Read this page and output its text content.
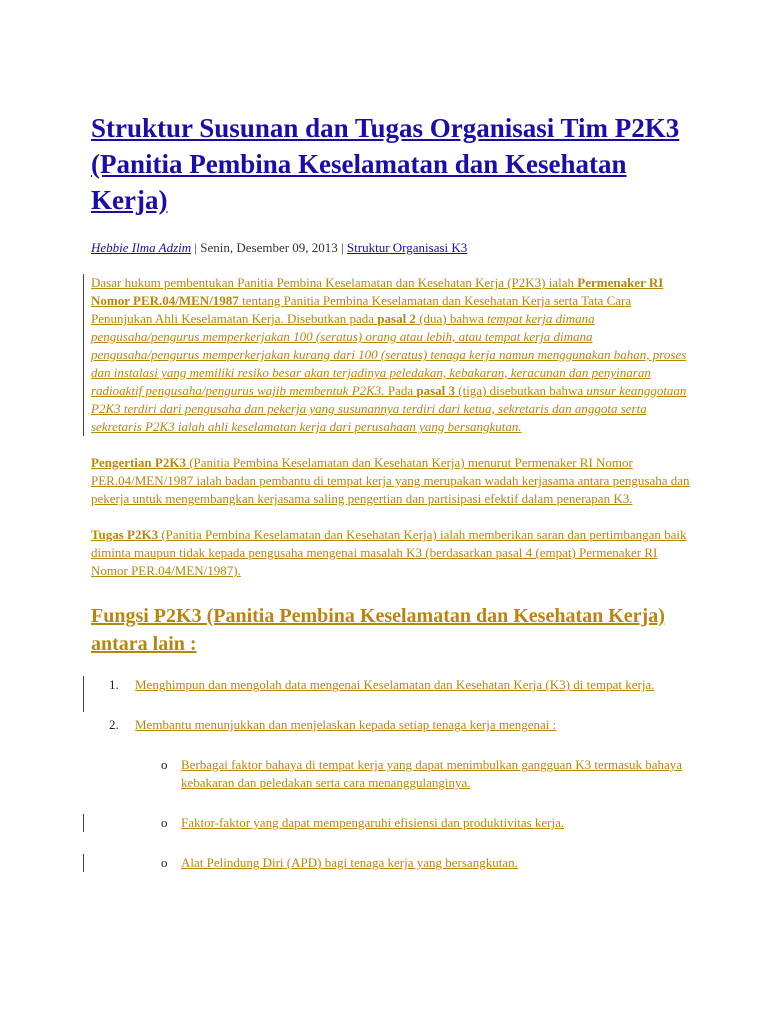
Struktur Susunan dan Tugas Organisasi Tim P2K3 (Panitia Pembina Keselamatan dan Kesehatan Kerja)
Hebbie Ilma Adzim | Senin, Desember 09, 2013 | Struktur Organisasi K3
Dasar hukum pembentukan Panitia Pembina Keselamatan dan Kesehatan Kerja (P2K3) ialah Permenaker RI Nomor PER.04/MEN/1987 tentang Panitia Pembina Keselamatan dan Kesehatan Kerja serta Tata Cara Penunjukan Ahli Keselamatan Kerja. Disebutkan pada pasal 2 (dua) bahwa tempat kerja dimana pengusaha/pengurus memperkerjakan 100 (seratus) orang atau lebih, atau tempat kerja dimana pengusaha/pengurus memperkerjakan kurang dari 100 (seratus) tenaga kerja namun menggunakan bahan, proses dan instalasi yang memiliki resiko besar akan terjadinya peledakan, kebakaran, keracunan dan penyinaran radioaktif pengusaha/pengurus wajib membentuk P2K3. Pada pasal 3 (tiga) disebutkan bahwa unsur keanggotaan P2K3 terdiri dari pengusaha dan pekerja yang susunannya terdiri dari ketua, sekretaris dan anggota serta sekretaris P2K3 ialah ahli keselamatan kerja dari perusahaan yang bersangkutan.
Pengertian P2K3 (Panitia Pembina Keselamatan dan Kesehatan Kerja) menurut Permenaker RI Nomor PER.04/MEN/1987 ialah badan pembantu di tempat kerja yang merupakan wadah kerjasama antara pengusaha dan pekerja untuk mengembangkan kerjasama saling pengertian dan partisipasi efektif dalam penerapan K3.
Tugas P2K3 (Panitia Pembina Keselamatan dan Kesehatan Kerja) ialah memberikan saran dan pertimbangan baik diminta maupun tidak kepada pengusaha mengenai masalah K3 (berdasarkan pasal 4 (empat) Permenaker RI Nomor PER.04/MEN/1987).
Fungsi P2K3 (Panitia Pembina Keselamatan dan Kesehatan Kerja) antara lain :
1. Menghimpun dan mengolah data mengenai Keselamatan dan Kesehatan Kerja (K3) di tempat kerja.
2. Membantu menunjukkan dan menjelaskan kepada setiap tenaga kerja mengenai :
o Berbagai faktor bahaya di tempat kerja yang dapat menimbulkan gangguan K3 termasuk bahaya kebakaran dan peledakan serta cara menanggulanginya.
o Faktor-faktor yang dapat mempengaruhi efisiensi dan produktivitas kerja.
o Alat Pelindung Diri (APD) bagi tenaga kerja yang bersangkutan.
